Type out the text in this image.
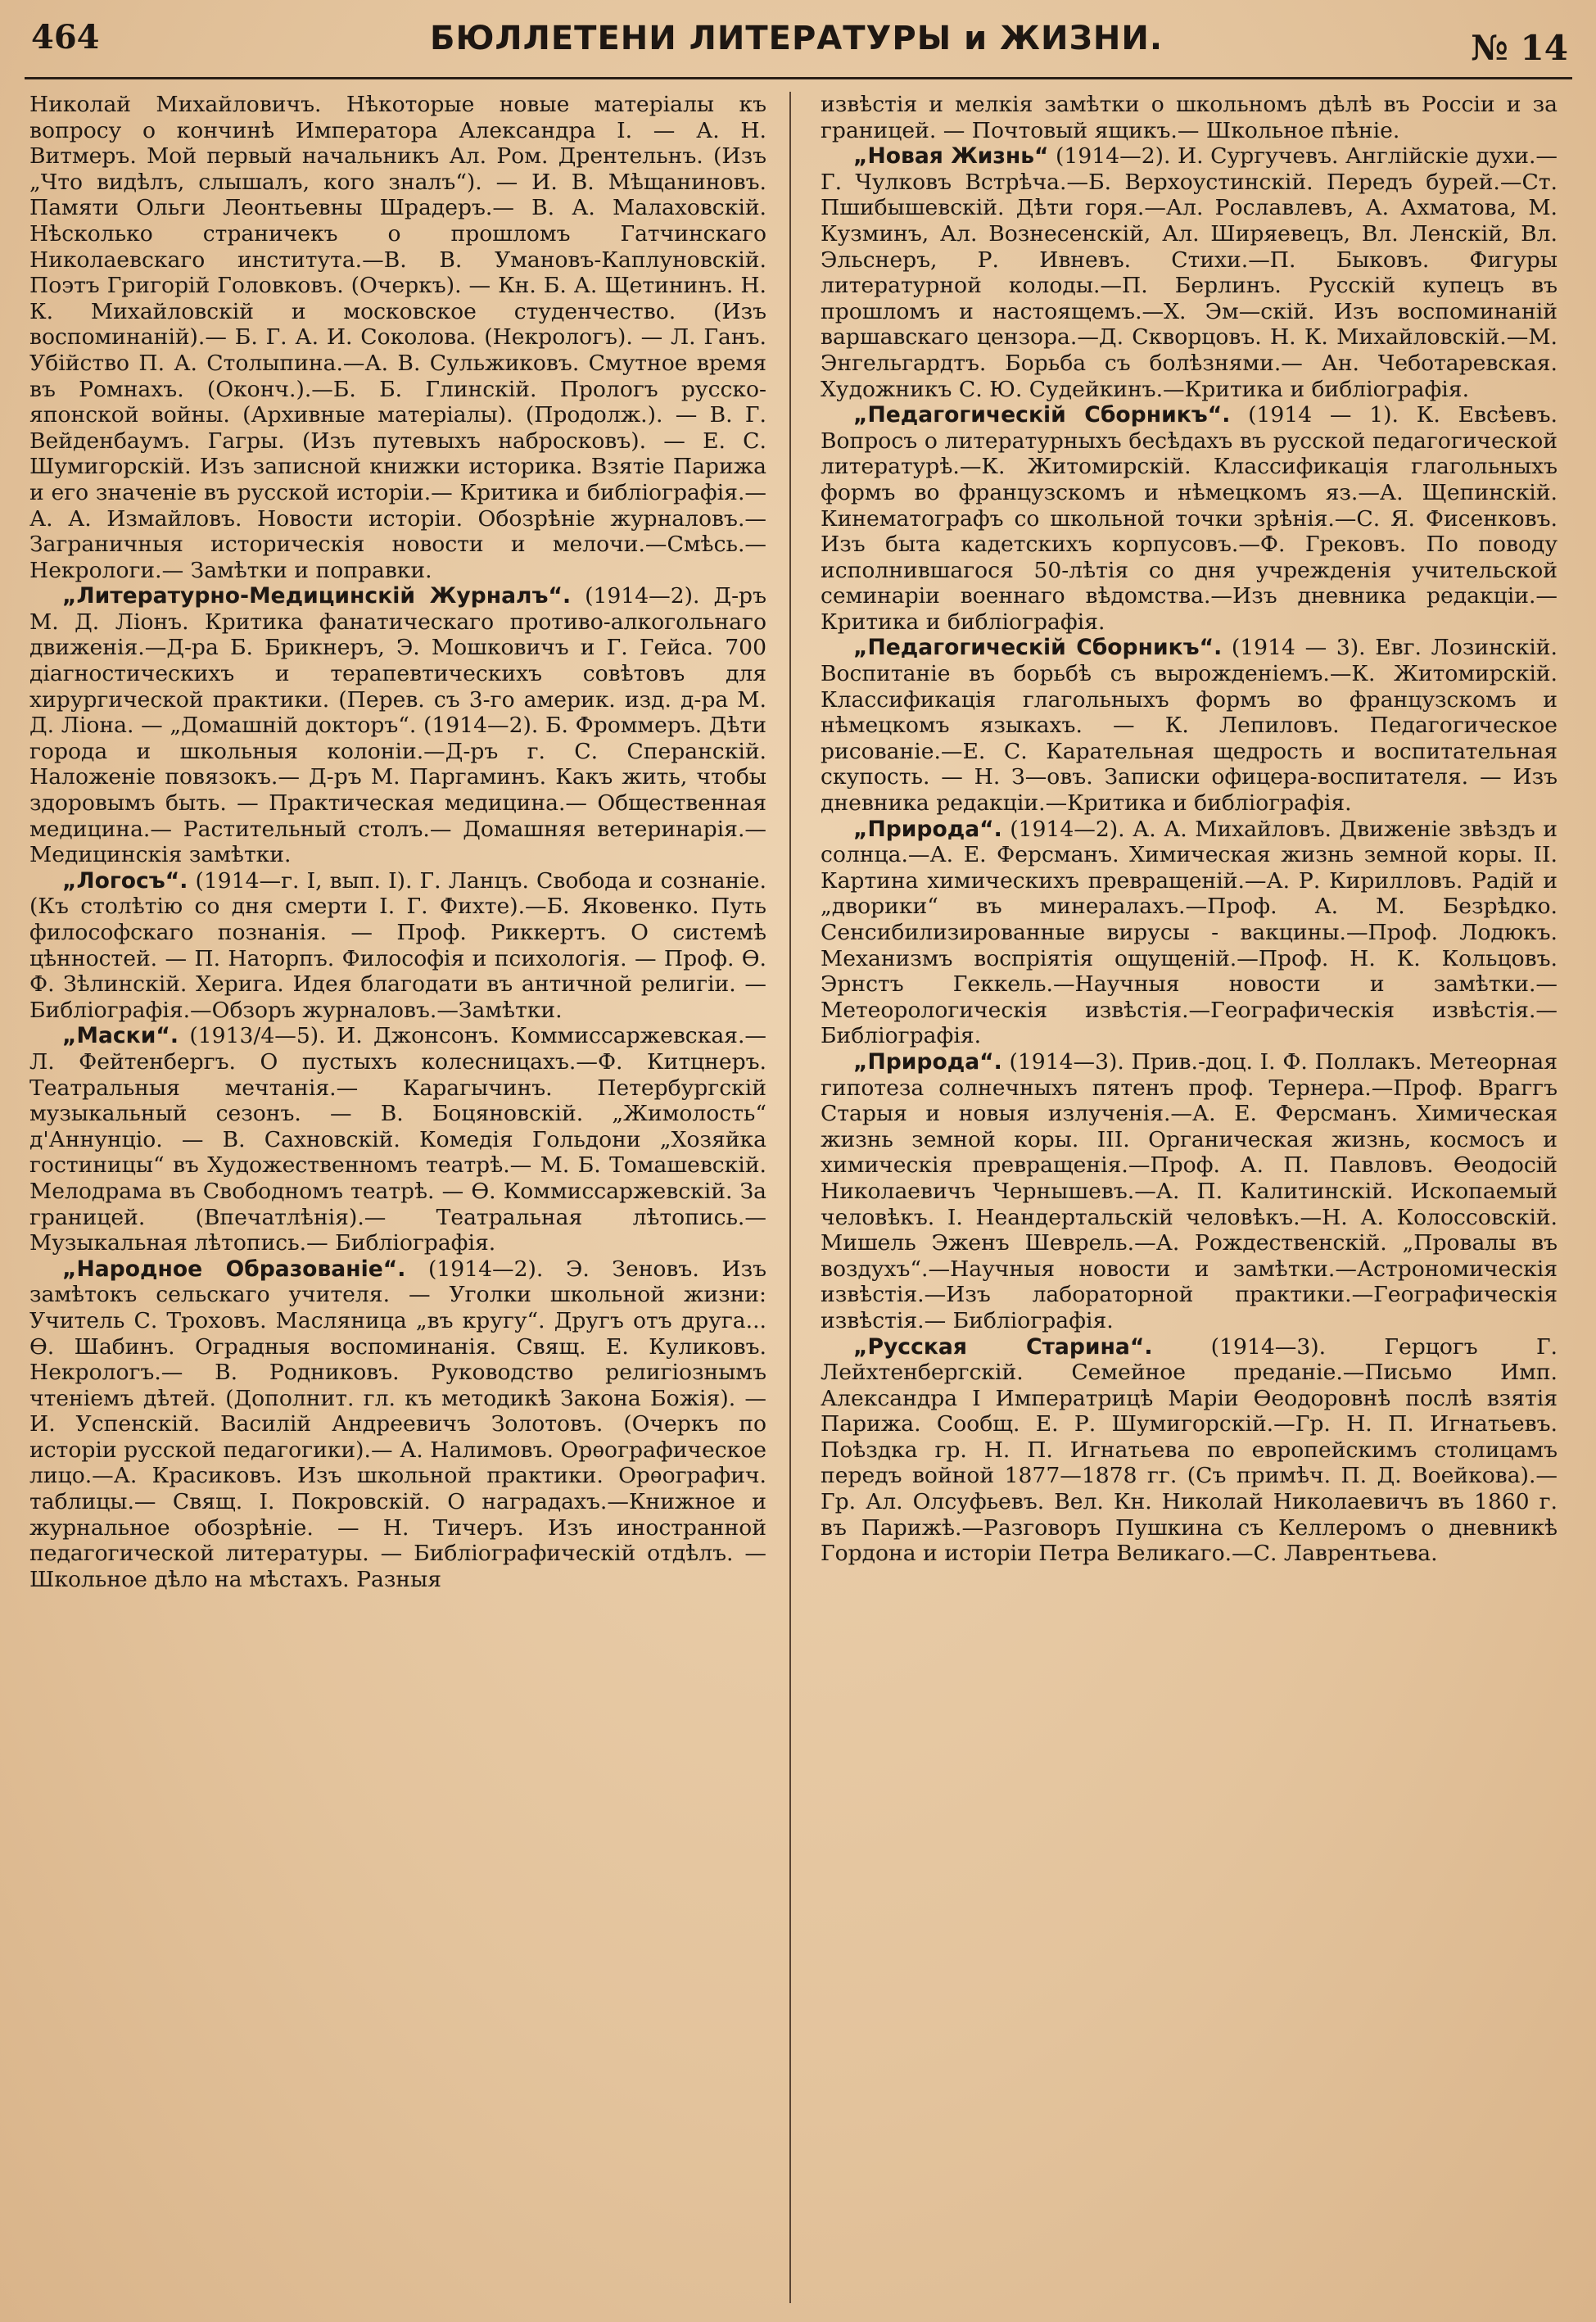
464	БЮЛЛЕТЕНИ ЛИТЕРАТУРЫ и ЖИЗНИ.	№ 14

Николай Михайловичъ. Нѣкоторые новые матеріалы къ вопросу о кончинѣ Императора Александра I. — А. Н. Витмеръ. Мой первый начальникъ Ал. Ром. Дрентельнъ. (Изъ „Что видѣлъ, слышалъ, кого зналъ“). — И. В. Мѣщаниновъ. Памяти Ольги Леонтьевны Шрадеръ.— В. А. Малаховскій. Нѣсколько страничекъ о прошломъ Гатчинскаго Николаевскаго института.—В. В. Умановъ-Каплуновскій. Поэтъ Григорій Головковъ. (Очеркъ). — Кн. Б. А. Щетининъ. Н. К. Михайловскій и московское студенчество. (Изъ воспоминаній).— Б. Г. А. И. Соколова. (Некрологъ). — Л. Ганъ. Убійство П. А. Столыпина.—А. В. Сульжиковъ. Смутное время въ Ромнахъ. (Оконч.).—Б. Б. Глинскій. Прологъ русско-японской войны. (Архивные матеріалы). (Продолж.). — В. Г. Вейденбаумъ. Гагры. (Изъ путевыхъ набросковъ). — Е. С. Шумигорскій. Изъ записной книжки историка. Взятіе Парижа и его значеніе въ русской исторіи.— Критика и библіографія.— А. А. Измайловъ. Новости исторіи. Обозрѣніе журналовъ.—Заграничныя историческія новости и мелочи.—Смѣсь.—Некрологи.— Замѣтки и поправки.

„Литературно-Медицинскій Журналъ“. (1914—2). Д-ръ М. Д. Ліонъ. Критика фанатическаго противо-алкогольнаго движенія.—Д-ра Б. Брикнеръ, Э. Мошковичъ и Г. Гейса. 700 діагностическихъ и терапевтическихъ совѣтовъ для хирургической практики. (Перев. съ 3-го америк. изд. д-ра М. Д. Ліона. — „Домашній докторъ“. (1914—2). Б. Фроммеръ. Дѣти города и школьныя колоніи.—Д-ръ г. С. Сперанскій. Наложеніе повязокъ.— Д-ръ М. Паргаминъ. Какъ жить, чтобы здоровымъ быть. — Практическая медицина.— Общественная медицина.— Растительный столъ.— Домашняя ветеринарія.—Медицинскія замѣтки.

„Логосъ“. (1914—г. I, вып. I). Г. Ланцъ. Свобода и сознаніе. (Къ столѣтію со дня смерти I. Г. Фихте).—Б. Яковенко. Путь философскаго познанія. — Проф. Риккертъ. О системѣ цѣнностей. — П. Наторпъ. Философія и психологія. — Проф. Ѳ. Ф. Зѣлинскій. Херига. Идея благодати въ античной религіи. — Библіографія.—Обзоръ журналовъ.—Замѣтки.

„Маски“. (1913/4—5). И. Джонсонъ. Коммиссаржевская.—Л. Фейтенбергъ. О пустыхъ колесницахъ.—Ф. Китцнеръ. Театральныя мечтанія.— Карагычинъ. Петербургскій музыкальный сезонъ. — В. Боцяновскій. „Жимолость“ д'Аннунціо. — В. Сахновскій. Комедія Гольдони „Хозяйка гостиницы“ въ Художественномъ театрѣ.— М. Б. Томашевскій. Мелодрама въ Свободномъ театрѣ. — Ѳ. Коммиссаржевскій. За границей. (Впечатлѣнія).— Театральная лѣтопись.— Музыкальная лѣтопись.— Библіографія.

„Народное Образованіе“. (1914—2). Э. Зеновъ. Изъ замѣтокъ сельскаго учителя. — Уголки школьной жизни: Учитель С. Троховъ. Масляница „въ кругу“. Другъ отъ друга... Ѳ. Шабинъ. Оградныя воспоминанія. Свящ. Е. Куликовъ. Некрологъ.— В. Родниковъ. Руководство религіознымъ чтеніемъ дѣтей. (Дополнит. гл. къ методикѣ Закона Божія). — И. Успенскій. Василій Андреевичъ Золотовъ. (Очеркъ по исторіи русской педагогики).— А. Налимовъ. Орѳографическое лицо.—А. Красиковъ. Изъ школьной практики. Орѳографич. таблицы.— Свящ. I. Покровскій. О наградахъ.—Книжное и журнальное обозрѣніе. — Н. Тичеръ. Изъ иностранной педагогической литературы. — Библіографическій отдѣлъ. — Школьное дѣло на мѣстахъ. Разныя

извѣстія и мелкія замѣтки о школьномъ дѣлѣ въ Россіи и за границей. — Почтовый ящикъ.— Школьное пѣніе.

„Новая Жизнь“ (1914—2). И. Сургучевъ. Англійскіе духи.—Г. Чулковъ Встрѣча.—Б. Верхоустинскій. Передъ бурей.—Ст. Пшибышевскій. Дѣти горя.—Ал. Рославлевъ, А. Ахматова, М. Кузминъ, Ал. Вознесенскій, Ал. Ширяевецъ, Вл. Ленскій, Вл. Эльснеръ, Р. Ивневъ. Стихи.—П. Быковъ. Фигуры литературной колоды.—П. Берлинъ. Русскій купецъ въ прошломъ и настоящемъ.—Х. Эм—скій. Изъ воспоминаній варшавскаго цензора.—Д. Скворцовъ. Н. К. Михайловскій.—М. Энгельгардтъ. Борьба съ болѣзнями.— Ан. Чеботаревская. Художникъ С. Ю. Судейкинъ.—Критика и библіографія.

„Педагогическій Сборникъ“. (1914 — 1). К. Евсѣевъ. Вопросъ о литературныхъ бесѣдахъ въ русской педагогической литературѣ.—К. Житомирскій. Классификація глагольныхъ формъ во французскомъ и нѣмецкомъ яз.—А. Щепинскій. Кинематографъ со школьной точки зрѣнія.—С. Я. Фисенковъ. Изъ быта кадетскихъ корпусовъ.—Ф. Грековъ. По поводу исполнившагося 50-лѣтія со дня учрежденія учительской семинаріи военнаго вѣдомства.—Изъ дневника редакціи.—Критика и библіографія.

„Педагогическій Сборникъ“. (1914 — 3). Евг. Лозинскій. Воспитаніе въ борьбѣ съ вырожденіемъ.—К. Житомирскій. Классификація глагольныхъ формъ во французскомъ и нѣмецкомъ языкахъ. — К. Лепиловъ. Педагогическое рисованіе.—Е. С. Карательная щедрость и воспитательная скупость. — Н. З—овъ. Записки офицера-воспитателя. — Изъ дневника редакціи.—Критика и библіографія.

„Природа“. (1914—2). А. А. Михайловъ. Движеніе звѣздъ и солнца.—А. Е. Ферсманъ. Химическая жизнь земной коры. II. Картина химическихъ превращеній.—А. Р. Кирилловъ. Радій и „дворики“ въ минералахъ.—Проф. А. М. Безрѣдко. Сенсибилизированные вирусы - вакцины.—Проф. Лодюкъ. Механизмъ воспріятія ощущеній.—Проф. Н. К. Кольцовъ. Эрнстъ Геккель.—Научныя новости и замѣтки.—Метеорологическія извѣстія.—Географическія извѣстія.— Библіографія.

„Природа“. (1914—3). Прив.-доц. I. Ф. Поллакъ. Метеорная гипотеза солнечныхъ пятенъ проф. Тернера.—Проф. Враггъ Старыя и новыя излученія.—А. Е. Ферсманъ. Химическая жизнь земной коры. III. Органическая жизнь, космосъ и химическія превращенія.—Проф. А. П. Павловъ. Ѳеодосій Николаевичъ Чернышевъ.—А. П. Калитинскій. Ископаемый человѣкъ. I. Неандертальскій человѣкъ.—Н. А. Колоссовскій. Мишель Эженъ Шеврель.—А. Рождественскій. „Провалы въ воздухъ“.—Научныя новости и замѣтки.—Астрономическія извѣстія.—Изъ лабораторной практики.—Географическія извѣстія.— Библіографія.

„Русская Старина“. (1914—3). Герцогъ Г. Лейхтенбергскій. Семейное преданіе.—Письмо Имп. Александра I Императрицѣ Маріи Ѳеодоровнѣ послѣ взятія Парижа. Сообщ. Е. Р. Шумигорскій.—Гр. Н. П. Игнатьевъ. Поѣздка гр. Н. П. Игнатьева по европейскимъ столицамъ передъ войной 1877—1878 гг. (Съ примѣч. П. Д. Воейкова).—Гр. Ал. Олсуфьевъ. Вел. Кн. Николай Николаевичъ въ 1860 г. въ Парижѣ.—Разговоръ Пушкина съ Келлеромъ о дневникѣ Гордона и исторіи Петра Великаго.—С. Лаврентьева.
